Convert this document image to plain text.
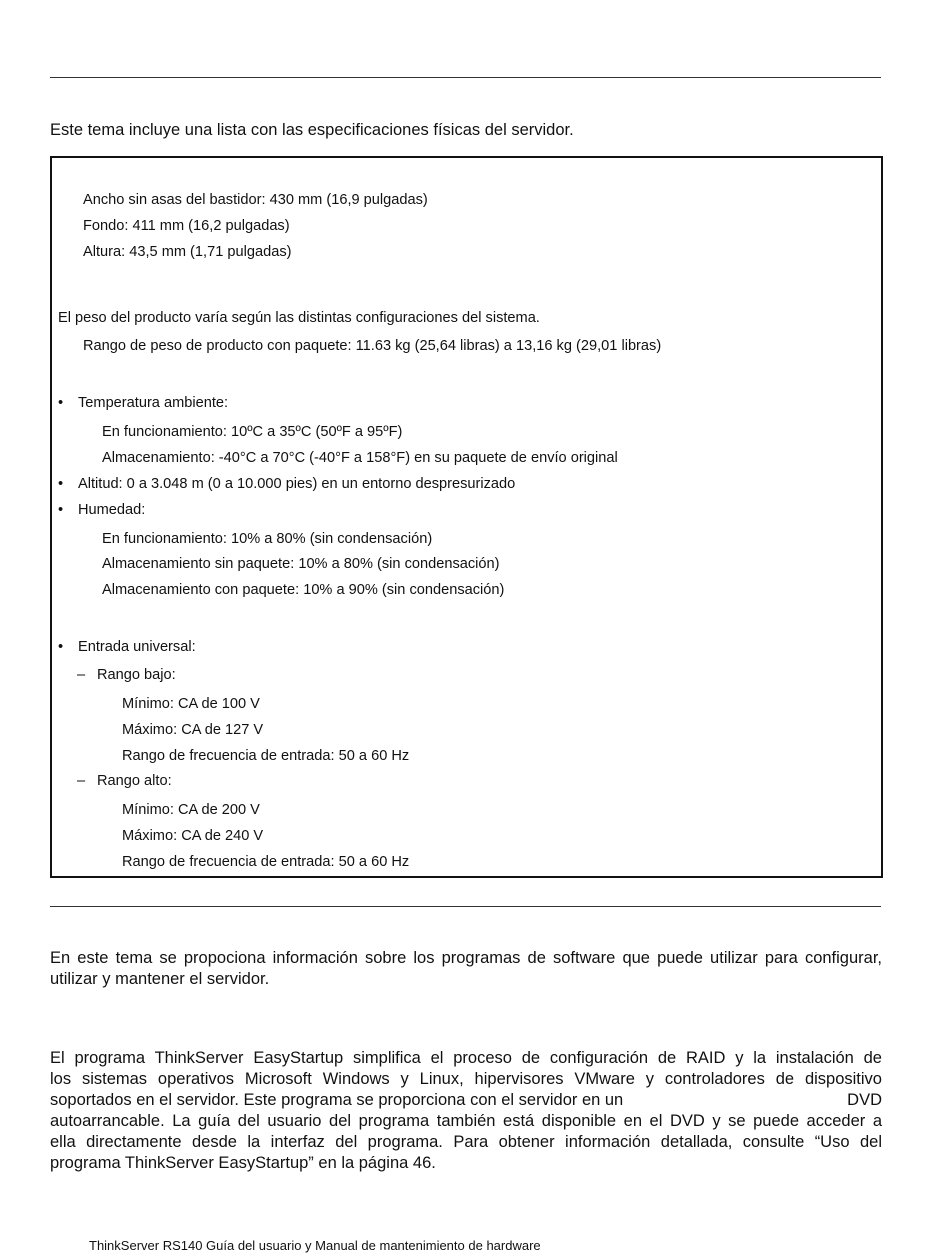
Este tema incluye una lista con las especificaciones físicas del servidor.
Ancho sin asas del bastidor: 430 mm (16,9 pulgadas)
Fondo: 411 mm (16,2 pulgadas)
Altura: 43,5 mm (1,71 pulgadas)
El peso del producto varía según las distintas configuraciones del sistema.
Rango de peso de producto con paquete: 11.63 kg (25,64 libras) a 13,16 kg (29,01 libras)
• Temperatura ambiente:
En funcionamiento: 10ºC a 35ºC (50ºF a 95ºF)
Almacenamiento: -40°C a 70°C (-40°F a 158°F) en su paquete de envío original
• Altitud: 0 a 3.048 m (0 a 10.000 pies) en un entorno despresurizado
• Humedad:
En funcionamiento: 10% a 80% (sin condensación)
Almacenamiento sin paquete: 10% a 80% (sin condensación)
Almacenamiento con paquete: 10% a 90% (sin condensación)
• Entrada universal:
– Rango bajo:
Mínimo: CA de 100 V
Máximo: CA de 127 V
Rango de frecuencia de entrada: 50 a 60 Hz
– Rango alto:
Mínimo: CA de 200 V
Máximo: CA de 240 V
Rango de frecuencia de entrada: 50 a 60 Hz
En este tema se propociona información sobre los programas de software que puede utilizar para configurar,
utilizar y mantener el servidor.
El programa ThinkServer EasyStartup simplifica el proceso de configuración de RAID y la instalación de
los sistemas operativos Microsoft Windows y Linux, hipervisores VMware y controladores de dispositivo
soportados en el servidor. Este programa se proporciona con el servidor en un	DVD
autoarrancable. La guía del usuario del programa también está disponible en el DVD y se puede acceder a
ella directamente desde la interfaz del programa. Para obtener información detallada, consulte “Uso del
programa ThinkServer EasyStartup” en la página 46.
ThinkServer RS140 Guía del usuario y Manual de mantenimiento de hardware
